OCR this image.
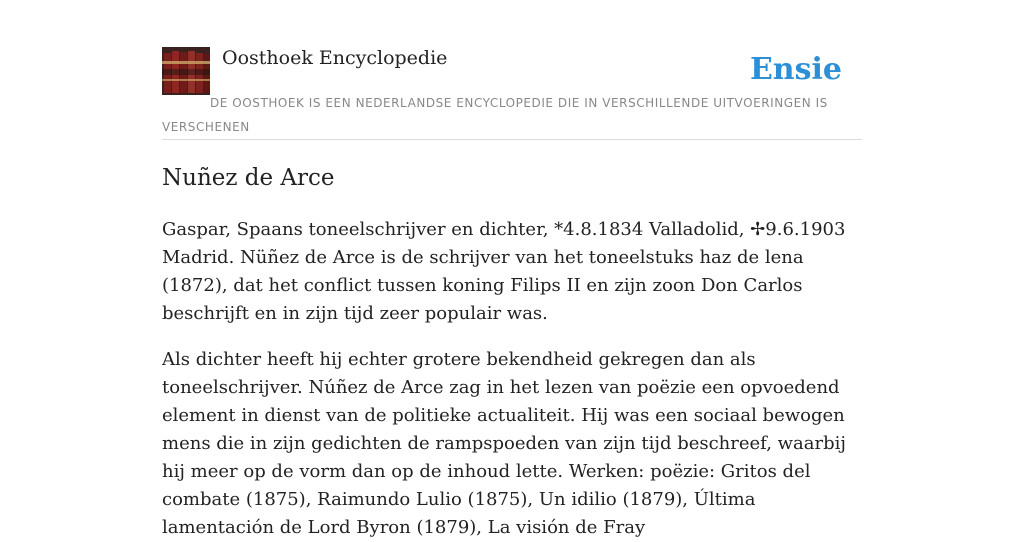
Oosthoek Encyclopedie	Ensie
DE OOSTHOEK IS EEN NEDERLANDSE ENCYCLOPEDIE DIE IN VERSCHILLENDE UITVOERINGEN IS VERSCHENEN
Nuñez de Arce

Gaspar, Spaans toneelschrijver en dichter, *4.8.1834 Valladolid, ✢9.6.1903 Madrid. Nüñez de Arce is de schrijver van het toneelstuks haz de lena (1872), dat het conflict tussen koning Filips II en zijn zoon Don Carlos beschrijft en in zijn tijd zeer populair was.

Als dichter heeft hij echter grotere bekendheid gekregen dan als toneelschrijver. Núñez de Arce zag in het lezen van poëzie een opvoedend element in dienst van de politieke actualiteit. Hij was een sociaal bewogen mens die in zijn gedichten de rampspoeden van zijn tijd beschreef, waarbij hij meer op de vorm dan op de inhoud lette. Werken: poëzie: Gritos del combate (1875), Raimundo Lulio (1875), Un idilio (1879), Última lamentación de Lord Byron (1879), La visión de Fray
